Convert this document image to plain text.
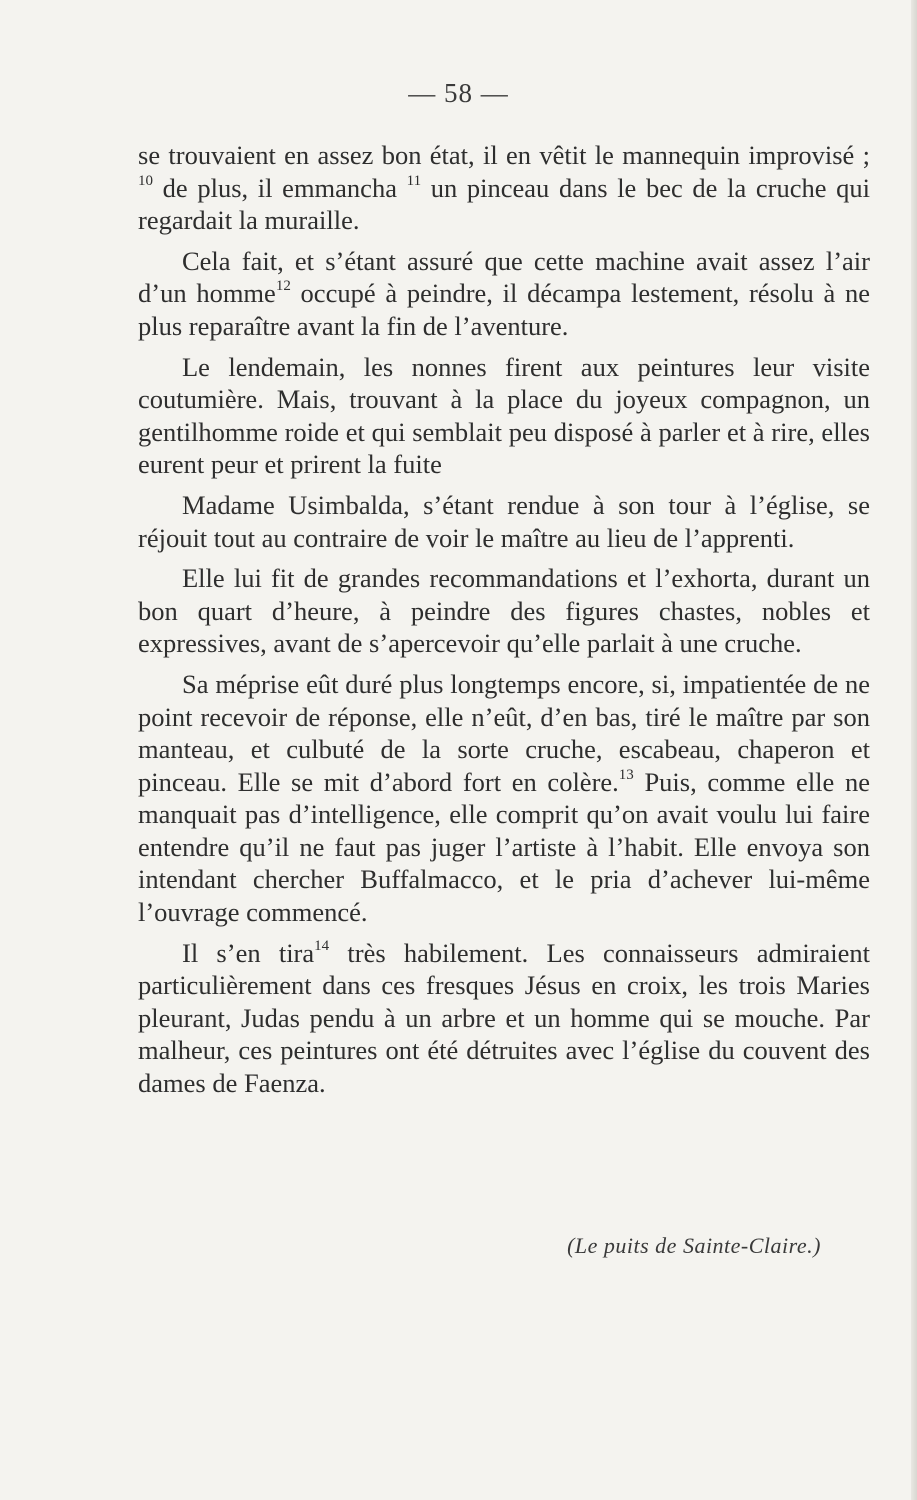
— 58 —

se trouvaient en assez bon état, il en vêtit le mannequin improvisé ; $^{10}$ de plus, il emmancha $^{11}$ un pinceau dans le bec de la cruche qui regardait la muraille.

Cela fait, et s’étant assuré que cette machine avait assez l’air d’un homme$^{12}$ occupé à peindre, il décampa lestement, résolu à ne plus reparaître avant la fin de l’aventure.

Le lendemain, les nonnes firent aux peintures leur visite coutumière. Mais, trouvant à la place du joyeux compagnon, un gentilhomme roide et qui semblait peu disposé à parler et à rire, elles eurent peur et prirent la fuite

Madame Usimbalda, s’étant rendue à son tour à l’église, se réjouit tout au contraire de voir le maître au lieu de l’apprenti.

Elle lui fit de grandes recommandations et l’exhorta, durant un bon quart d’heure, à peindre des figures chastes, nobles et expressives, avant de s’apercevoir qu’elle parlait à une cruche.

Sa méprise eût duré plus longtemps encore, si, impatientée de ne point recevoir de réponse, elle n’eût, d’en bas, tiré le maître par son manteau, et culbuté de la sorte cruche, escabeau, chaperon et pinceau. Elle se mit d’abord fort en colère.$^{13}$ Puis, comme elle ne manquait pas d’intelligence, elle comprit qu’on avait voulu lui faire entendre qu’il ne faut pas juger l’artiste à l’habit. Elle envoya son intendant chercher Buffalmacco, et le pria d’achever lui-même l’ouvrage commencé.

Il s’en tira$^{14}$ très habilement. Les connaisseurs admiraient particulièrement dans ces fresques Jésus en croix, les trois Maries pleurant, Judas pendu à un arbre et un homme qui se mouche. Par malheur, ces peintures ont été détruites avec l’église du couvent des dames de Faenza.

(Le puits de Sainte-Claire.)
